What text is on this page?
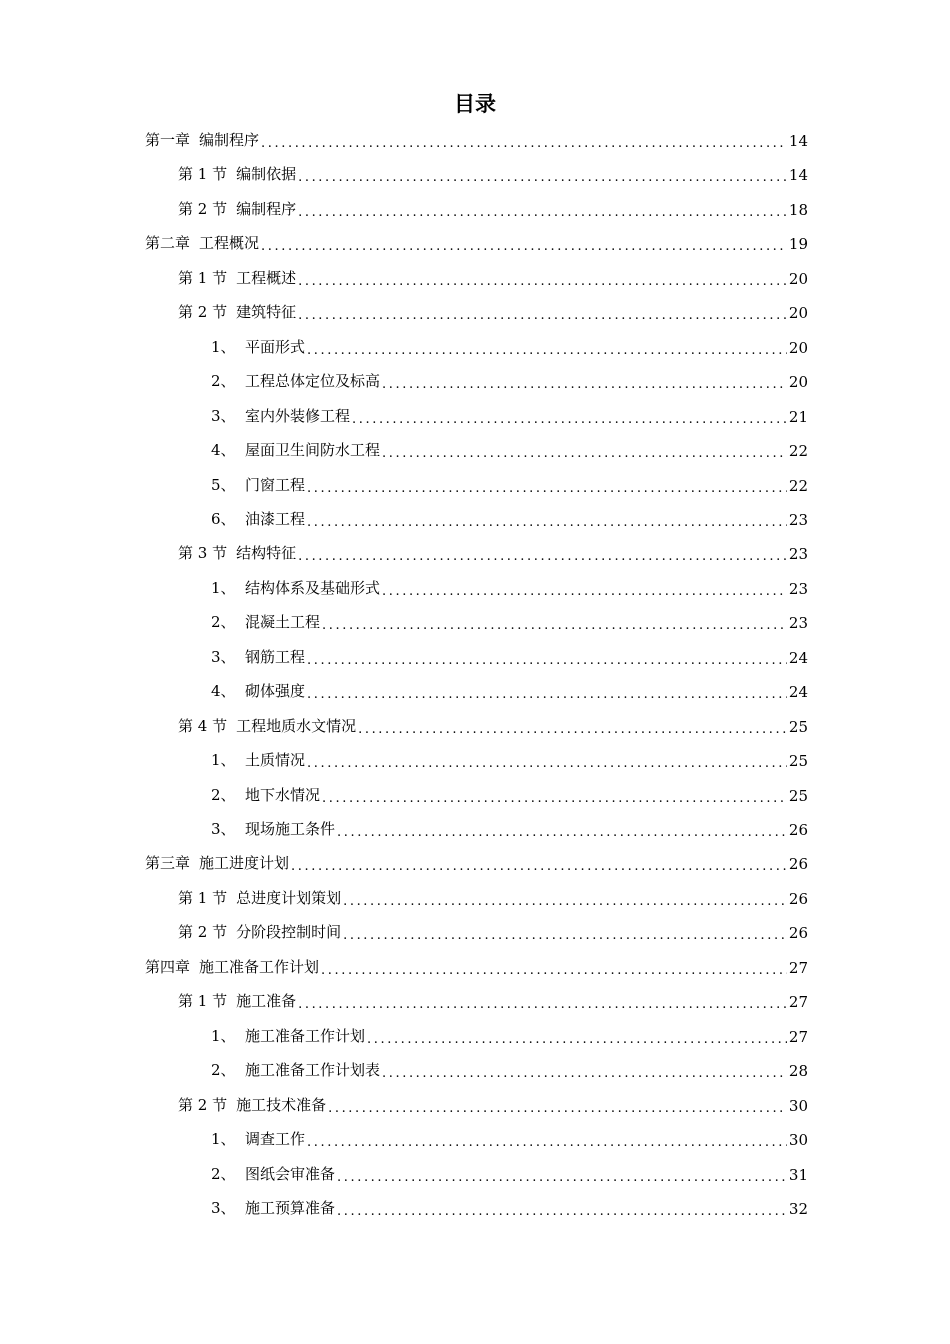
目录
第一章 编制程序 .....	14
第 1 节 编制依据 .....	14
第 2 节 编制程序 .....	18
第二章 工程概况 .....	19
第 1 节 工程概述 .....	20
第 2 节 建筑特征 .....	20
1、 平面形式 .....	20
2、 工程总体定位及标高 .....	20
3、 室内外装修工程 .....	21
4、 屋面卫生间防水工程 .....	22
5、 门窗工程 .....	22
6、 油漆工程 .....	23
第 3 节 结构特征 .....	23
1、 结构体系及基础形式 .....	23
2、 混凝土工程 .....	23
3、 钢筋工程 .....	24
4、 砌体强度 .....	24
第 4 节 工程地质水文情况 .....	25
1、 土质情况 .....	25
2、 地下水情况 .....	25
3、 现场施工条件 .....	26
第三章 施工进度计划 .....	26
第 1 节 总进度计划策划 .....	26
第 2 节 分阶段控制时间 .....	26
第四章 施工准备工作计划 .....	27
第 1 节 施工准备 .....	27
1、 施工准备工作计划 .....	27
2、 施工准备工作计划表 .....	28
第 2 节 施工技术准备 .....	30
1、 调查工作 .....	30
2、 图纸会审准备 .....	31
3、 施工预算准备 .....	32
